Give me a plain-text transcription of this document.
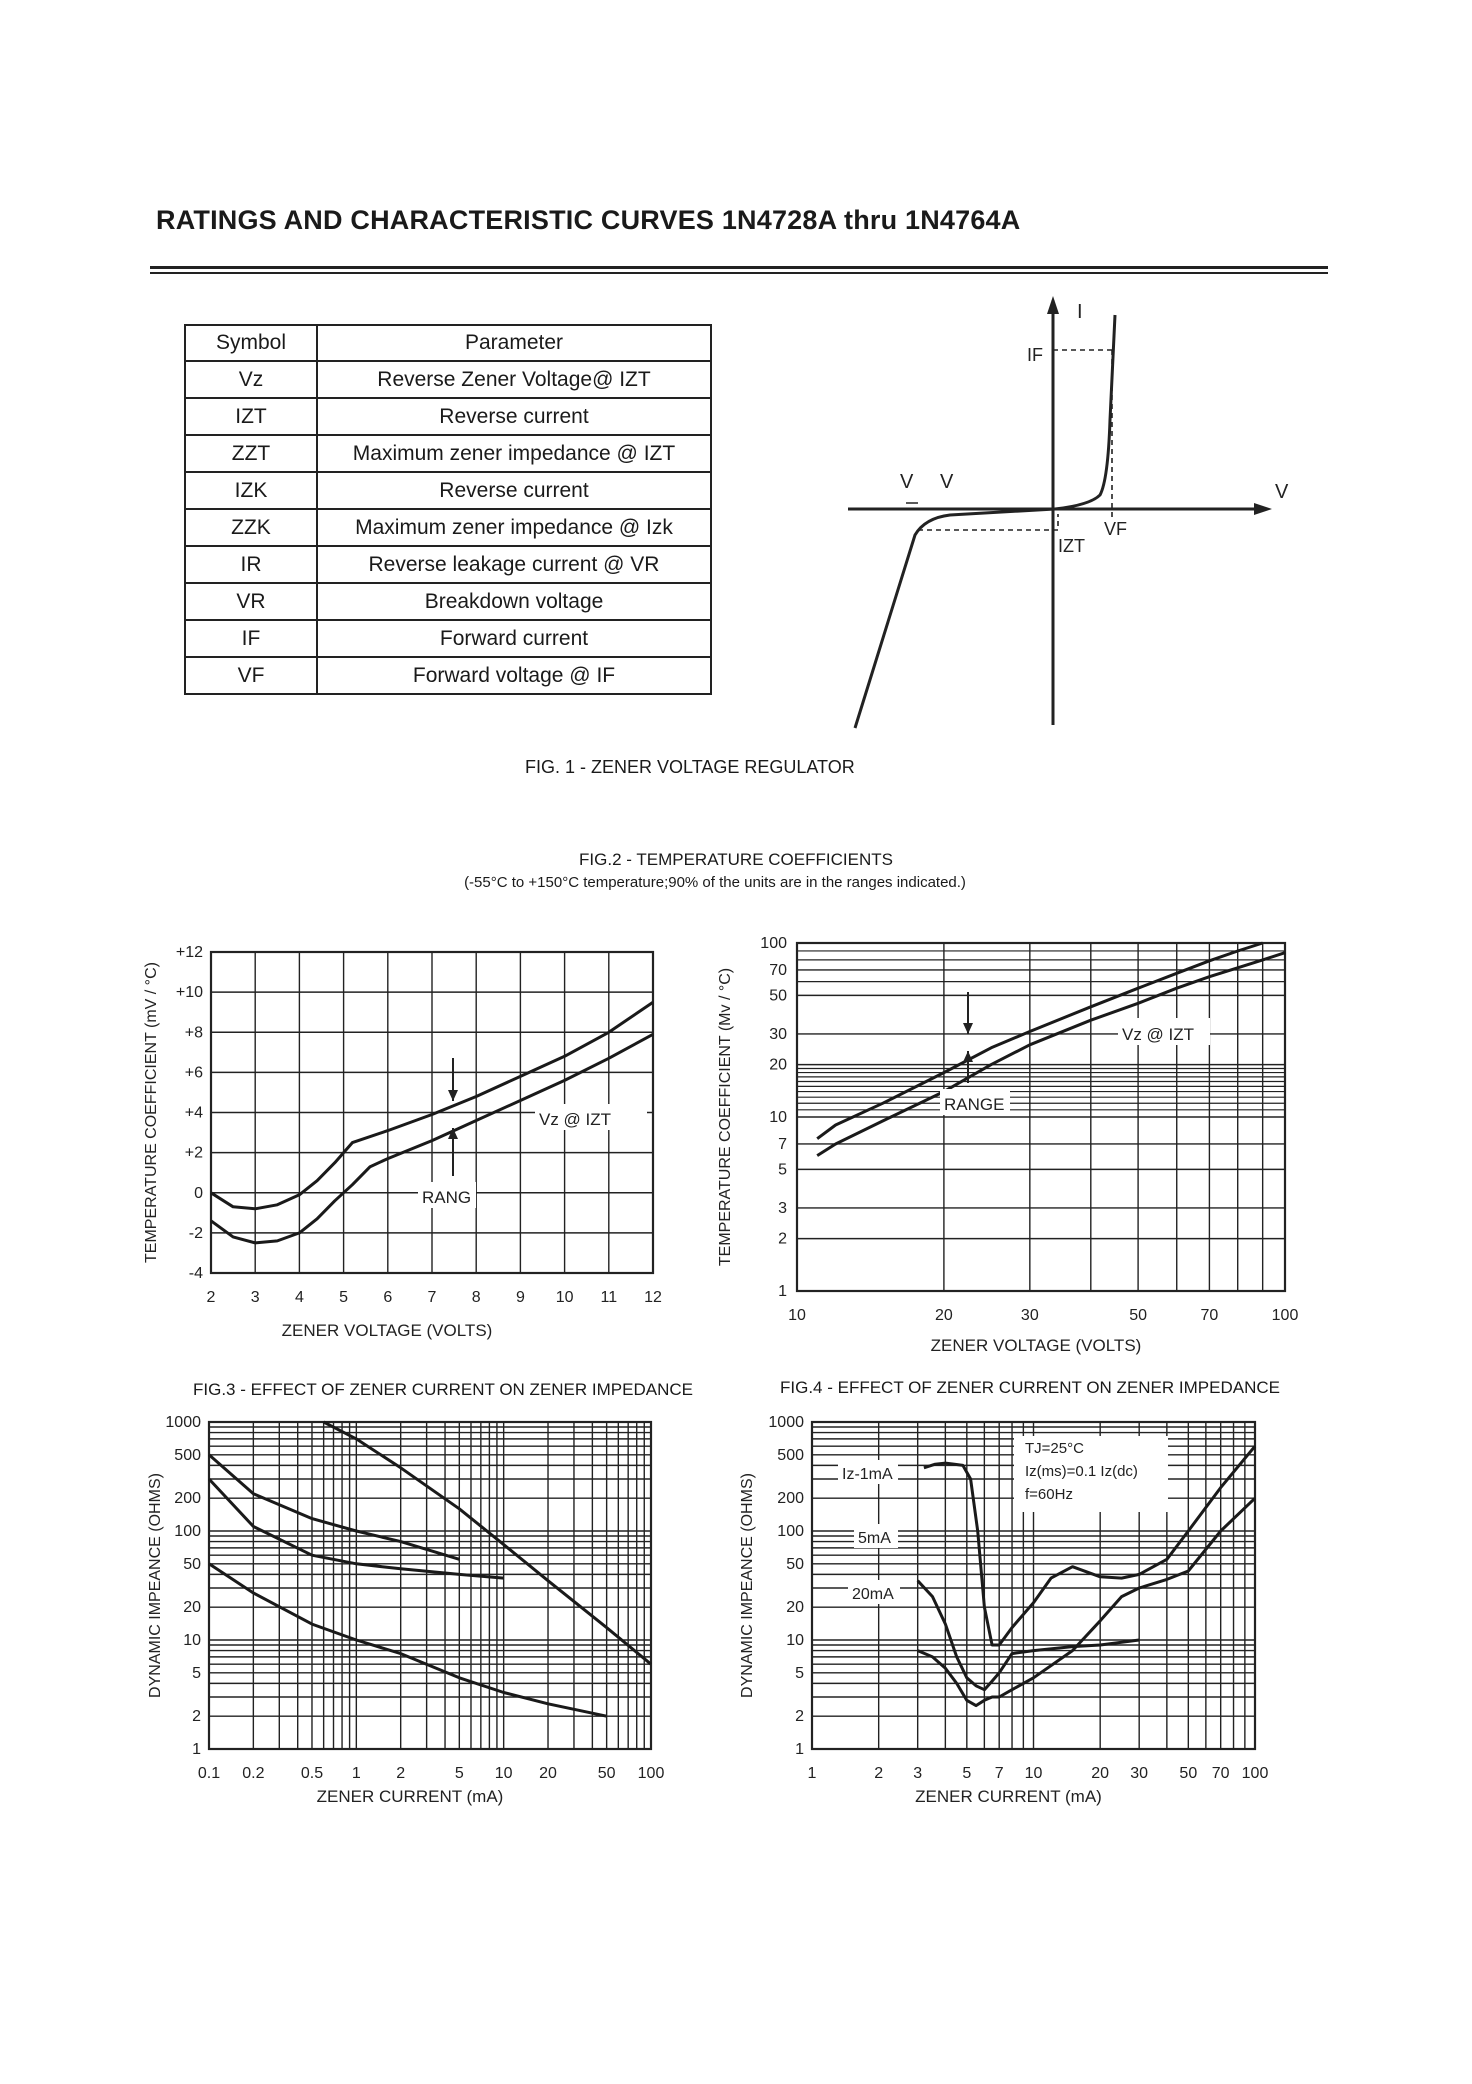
RATINGS AND CHARACTERISTIC CURVES 1N4728A thru 1N4764A
Symbol	Parameter
Vz	Reverse Zener Voltage@ IZT
IZT	Reverse current
ZZT	Maximum zener impedance @ IZT
IZK	Reverse current
ZZK	Maximum zener impedance @ Izk
IR	Reverse leakage current @ VR
VR	Breakdown voltage
IF	Forward current
VF	Forward voltage @ IF
I
V
IF
VF
IZT
V V
FIG. 1 - ZENER VOLTAGE REGULATOR
FIG.2 - TEMPERATURE COEFFICIENTS
(-55°C to +150°C temperature;90% of the units are in the ranges indicated.)
FIG.3 - EFFECT OF ZENER CURRENT ON ZENER IMPEDANCE	FIG.4 - EFFECT OF ZENER CURRENT ON ZENER IMPEDANCE
2 3 4 5 6 7 8 9 10 11 12
-4
-2
0
+2
+4
+6
+8
+10
+12
ZENER VOLTAGE (VOLTS)
TEMPERATURE COEFFICIENT (mV / °C)	Vz @ IZT
RANG
10	20	30	50	70	100
1
2
3
5
7
10
20
30
50
70
100
ZENER VOLTAGE (VOLTS)
TEMPERATURE COEFFICIENT (Mv / °C)	Vz @ IZT
RANGE
0.1 0.2 0.5 1 2	5 10 20	50 100
1
2
5
10
20
50
100
200
500
1000
ZENER CURRENT (mA)
DYNAMIC IMPEANCE (OHMS)
1	2 3	5 7 10	20 30 50 70 100
1
2
5
10
20
50
100
200
500
1000
ZENER CURRENT (mA)
DYNAMIC IMPEANCE (OHMS)	Iz-1mA
5mA
20mA
TJ=25°C
Iz(ms)=0.1 Iz(dc)
f=60Hz
